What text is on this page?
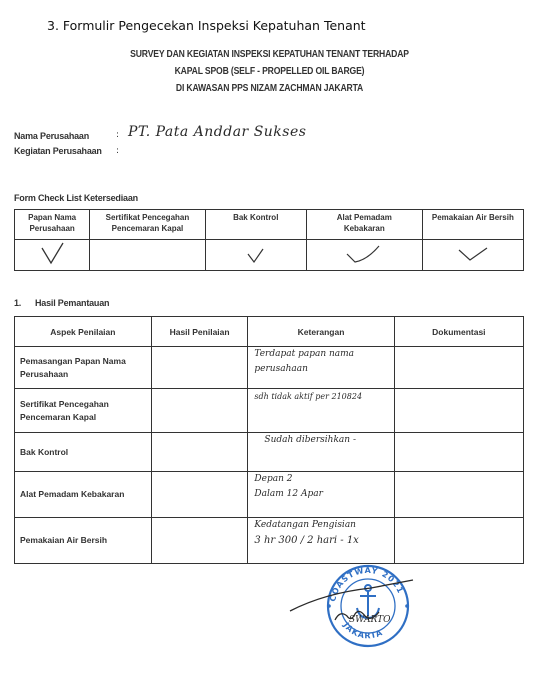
3. Formulir Pengecekan Inspeksi Kepatuhan Tenant
SURVEY DAN KEGIATAN INSPEKSI KEPATUHAN TENANT TERHADAP
KAPAL SPOB (SELF - PROPELLED OIL BARGE)
DI KAWASAN PPS NIZAM ZACHMAN JAKARTA
Nama Perusahaan	: PT. Pata Anddar Sukses
Kegiatan Perusahaan :
Form Check List Ketersediaan
Papan Nama Perusahaan	Sertifikat Pencegahan Pencemaran Kapal	Bak Kontrol	Alat Pemadam Kebakaran	Pemakaian Air Bersih

1. Hasil Pemantauan
Aspek Penilaian	Hasil Penilaian	Keterangan	Dokumentasi

Pemasangan Papan Nama Perusahaan		Terdapat papan nama
perusahaan	

Sertifikat Pencegahan Pencemaran Kapal		sdh tidak aktif per 210824	

Bak Kontrol		Sudah dibersihkan -	

Alat Pemadam Kebakaran		Depan 2
Dalam 12 Apar	

Pemakaian Air Bersih		Kedatangan Pengisian
3 hr 300 / 2 hari - 1x	

COASTWAY 2021
JAKARTA
SWARTO
